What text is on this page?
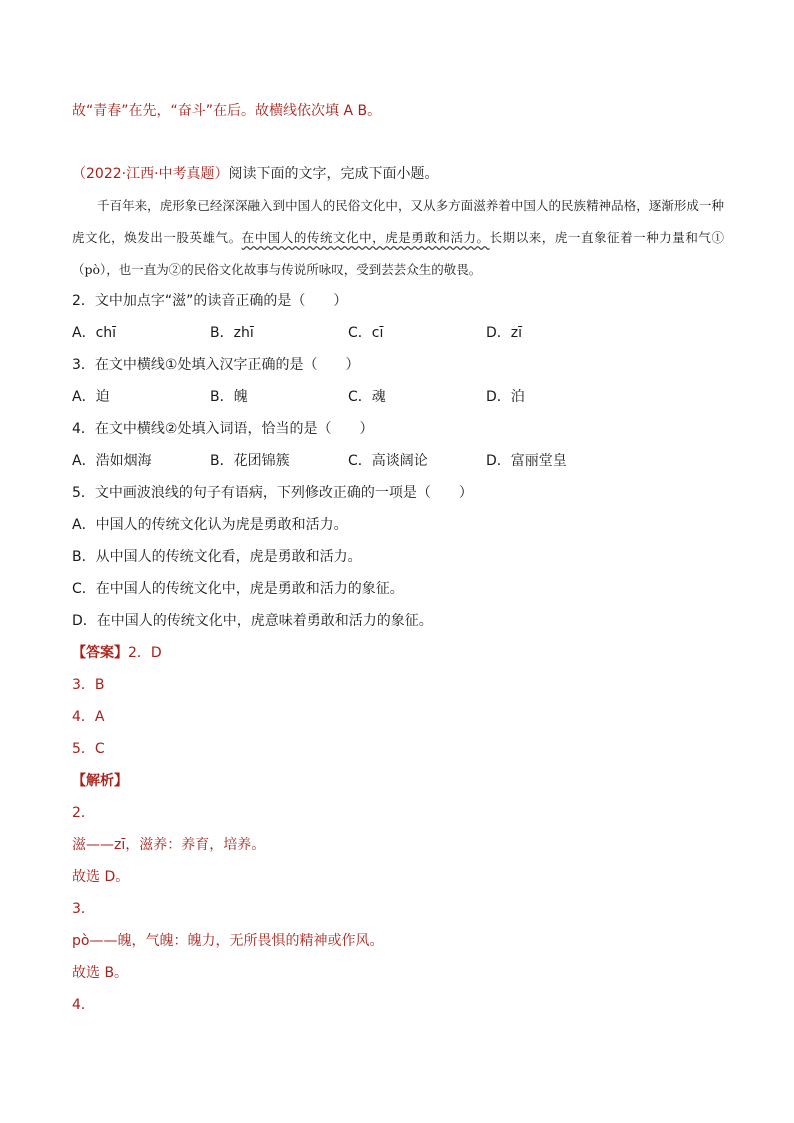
故“青春”在先，“奋斗”在后。故横线依次填 A B。
（2022·江西·中考真题）阅读下面的文字，完成下面小题。

千百年来，虎形象已经深深融入到中国人的民俗文化中，又从多方面滋养着中国人的民族精神品格，逐渐形成一种虎文化，焕发出一股英雄气。在中国人的传统文化中，虎是勇敢和活力。长期以来，虎一直象征着一种力量和气①（pò），也一直为②的民俗文化故事与传说所咏叹，受到芸芸众生的敬畏。

2．文中加点字“滋”的读音正确的是（　　）
A．chī	B．zhī	C．cī	D．zī
3．在文中横线①处填入汉字正确的是（　　）
A．迫	B．魄	C．魂	D．泊
4．在文中横线②处填入词语，恰当的是（　　）
A．浩如烟海	B．花团锦簇	C．高谈阔论	D．富丽堂皇
5．文中画波浪线的句子有语病，下列修改正确的一项是（　　）
A．中国人的传统文化认为虎是勇敢和活力。
B．从中国人的传统文化看，虎是勇敢和活力。
C．在中国人的传统文化中，虎是勇敢和活力的象征。
D．在中国人的传统文化中，虎意味着勇敢和活力的象征。
【答案】2．D
3．B
4．A
5．C
【解析】
2．
滋——zī，滋养：养育，培养。
故选 D。
3．
pò——魄，气魄：魄力，无所畏惧的精神或作风。
故选 B。
4．
